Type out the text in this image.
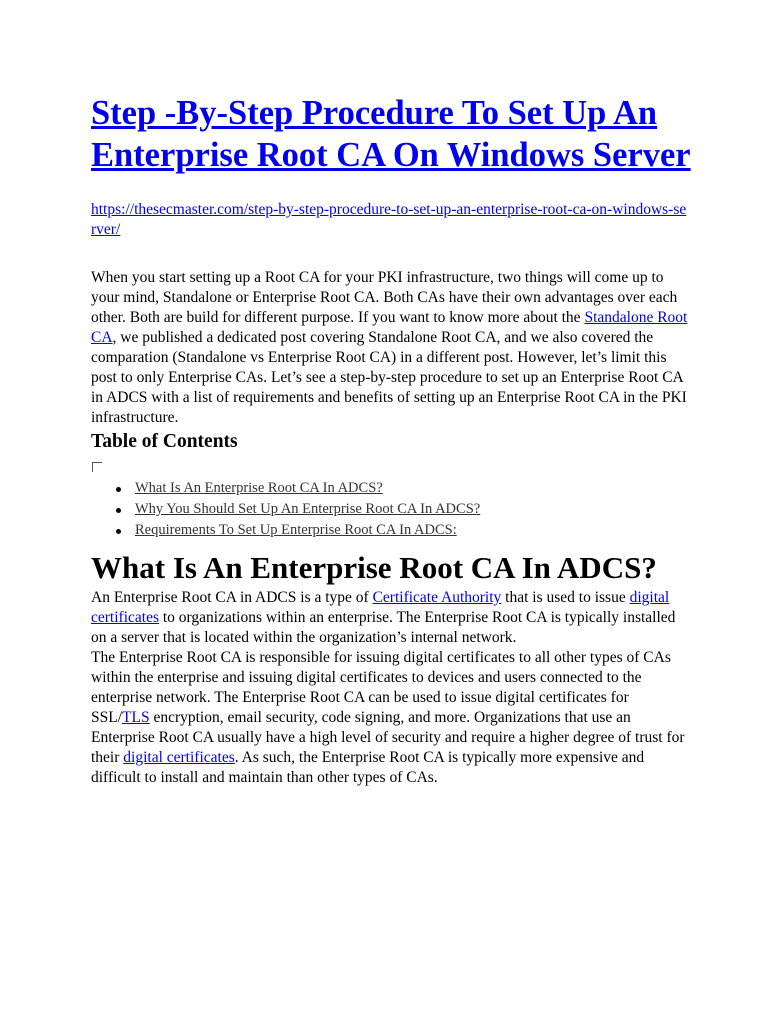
Step -By-Step Procedure To Set Up An Enterprise Root CA On Windows Server
https://thesecmaster.com/step-by-step-procedure-to-set-up-an-enterprise-root-ca-on-windows-server/

When you start setting up a Root CA for your PKI infrastructure, two things will come up to your mind, Standalone or Enterprise Root CA. Both CAs have their own advantages over each other. Both are build for different purpose. If you want to know more about the Standalone Root CA, we published a dedicated post covering Standalone Root CA, and we also covered the comparation (Standalone vs Enterprise Root CA) in a different post. However, let’s limit this post to only Enterprise CAs. Let’s see a step-by-step procedure to set up an Enterprise Root CA in ADCS with a list of requirements and benefits of setting up an Enterprise Root CA in the PKI infrastructure.

Table of Contents
What Is An Enterprise Root CA In ADCS?
Why You Should Set Up An Enterprise Root CA In ADCS?
Requirements To Set Up Enterprise Root CA In ADCS:
What Is An Enterprise Root CA In ADCS?

An Enterprise Root CA in ADCS is a type of Certificate Authority that is used to issue digital certificates to organizations within an enterprise. The Enterprise Root CA is typically installed on a server that is located within the organization’s internal network.

The Enterprise Root CA is responsible for issuing digital certificates to all other types of CAs within the enterprise and issuing digital certificates to devices and users connected to the enterprise network. The Enterprise Root CA can be used to issue digital certificates for SSL/TLS encryption, email security, code signing, and more. Organizations that use an Enterprise Root CA usually have a high level of security and require a higher degree of trust for their digital certificates. As such, the Enterprise Root CA is typically more expensive and difficult to install and maintain than other types of CAs.
